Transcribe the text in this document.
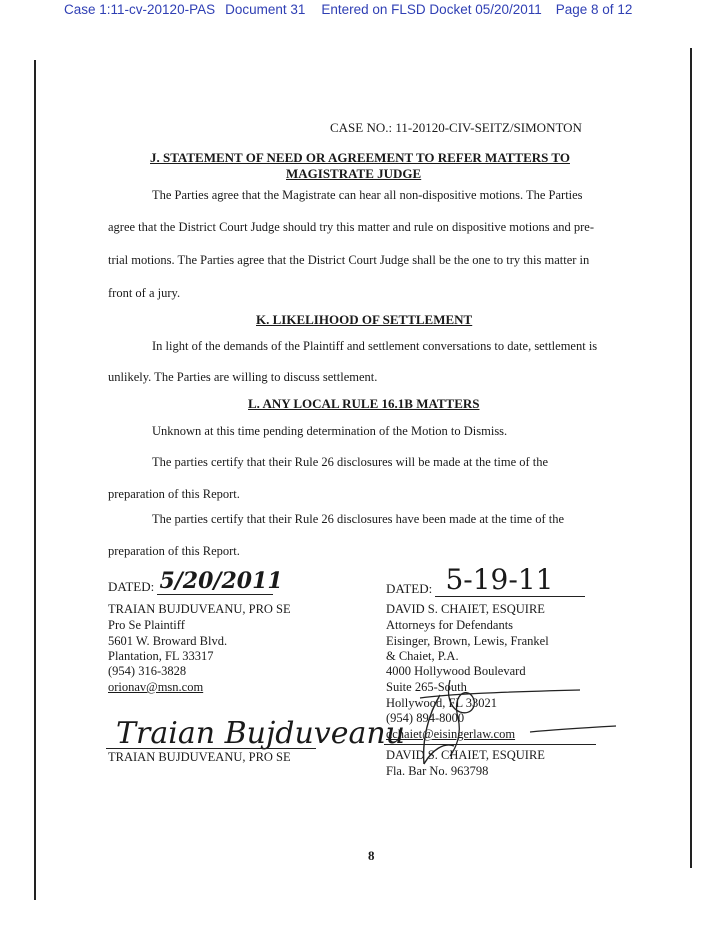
Case 1:11-cv-20120-PAS Document 31 Entered on FLSD Docket 05/20/2011 Page 8 of 12
CASE NO.: 11-20120-CIV-SEITZ/SIMONTON
J. STATEMENT OF NEED OR AGREEMENT TO REFER MATTERS TO
MAGISTRATE JUDGE
The Parties agree that the Magistrate can hear all non-dispositive motions. The Parties
agree that the District Court Judge should try this matter and rule on dispositive motions and pre-
trial motions. The Parties agree that the District Court Judge shall be the one to try this matter in
front of a jury.
K. LIKELIHOOD OF SETTLEMENT
In light of the demands of the Plaintiff and settlement conversations to date, settlement is
unlikely. The Parties are willing to discuss settlement.
L. ANY LOCAL RULE 16.1B MATTERS
Unknown at this time pending determination of the Motion to Dismiss.
The parties certify that their Rule 26 disclosures will be made at the time of the
preparation of this Report.
The parties certify that their Rule 26 disclosures have been made at the time of the
preparation of this Report.
DATED: 5/20/2011
TRAIAN BUJDUVEANU, PRO SE
Pro Se Plaintiff
5601 W. Broward Blvd.
Plantation, FL 33317
(954) 316-3828
orionav@msn.com
Traian Bujduveanu
TRAIAN BUJDUVEANU, PRO SE
DATED: 5-19-11
DAVID S. CHAIET, ESQUIRE
Attorneys for Defendants
Eisinger, Brown, Lewis, Frankel
& Chaiet, P.A.
4000 Hollywood Boulevard
Suite 265-South
Hollywood, FL 33021
(954) 894-8000
dchaiet@eisingerlaw.com
DAVID S. CHAIET, ESQUIRE
Fla. Bar No. 963798
8
